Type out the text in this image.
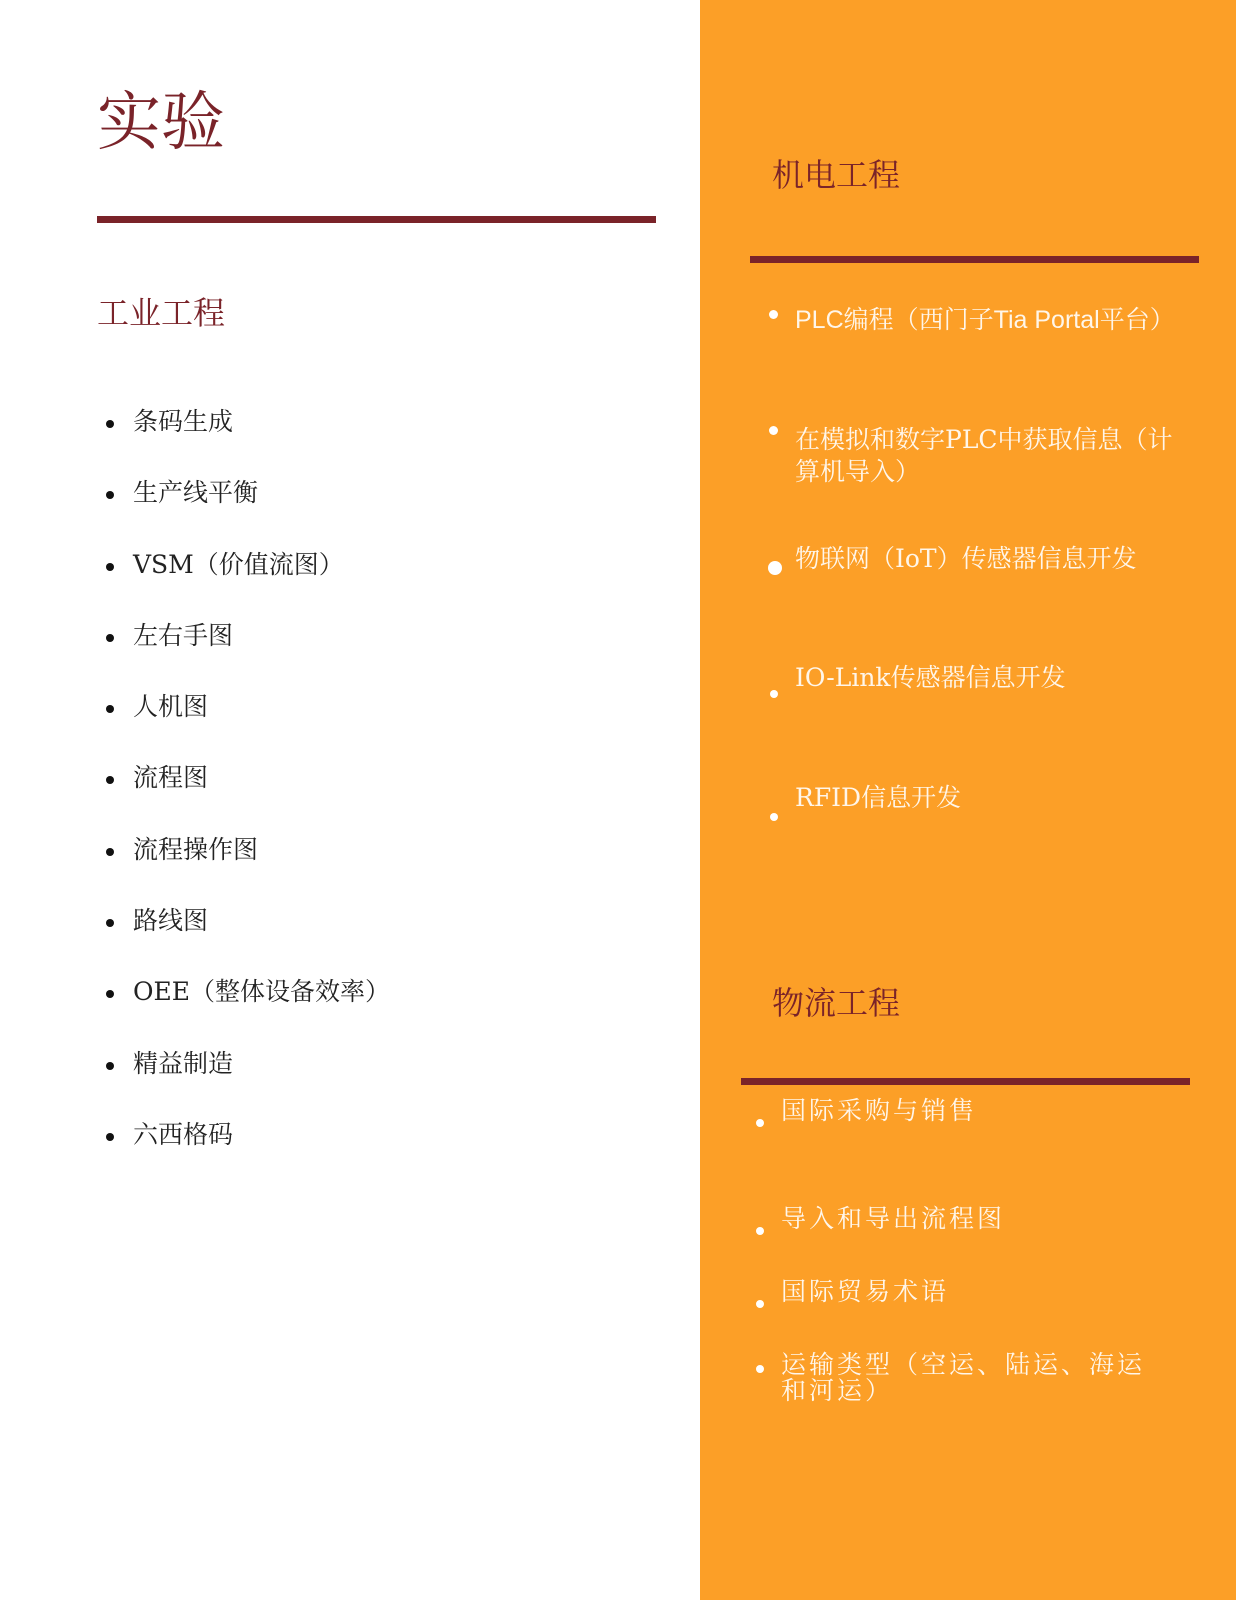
实验
工业工程
条码生成
生产线平衡
VSM（价值流图）
左右手图
人机图
流程图
流程操作图
路线图
OEE（整体设备效率）
精益制造
六西格码
机电工程
PLC编程（西门子Tia Portal平台）
在模拟和数字PLC中获取信息（计算机导入）
物联网（IoT）传感器信息开发
IO-Link传感器信息开发
RFID信息开发
物流工程
国际采购与销售
导入和导出流程图
国际贸易术语
运输类型（空运、陆运、海运和河运）
